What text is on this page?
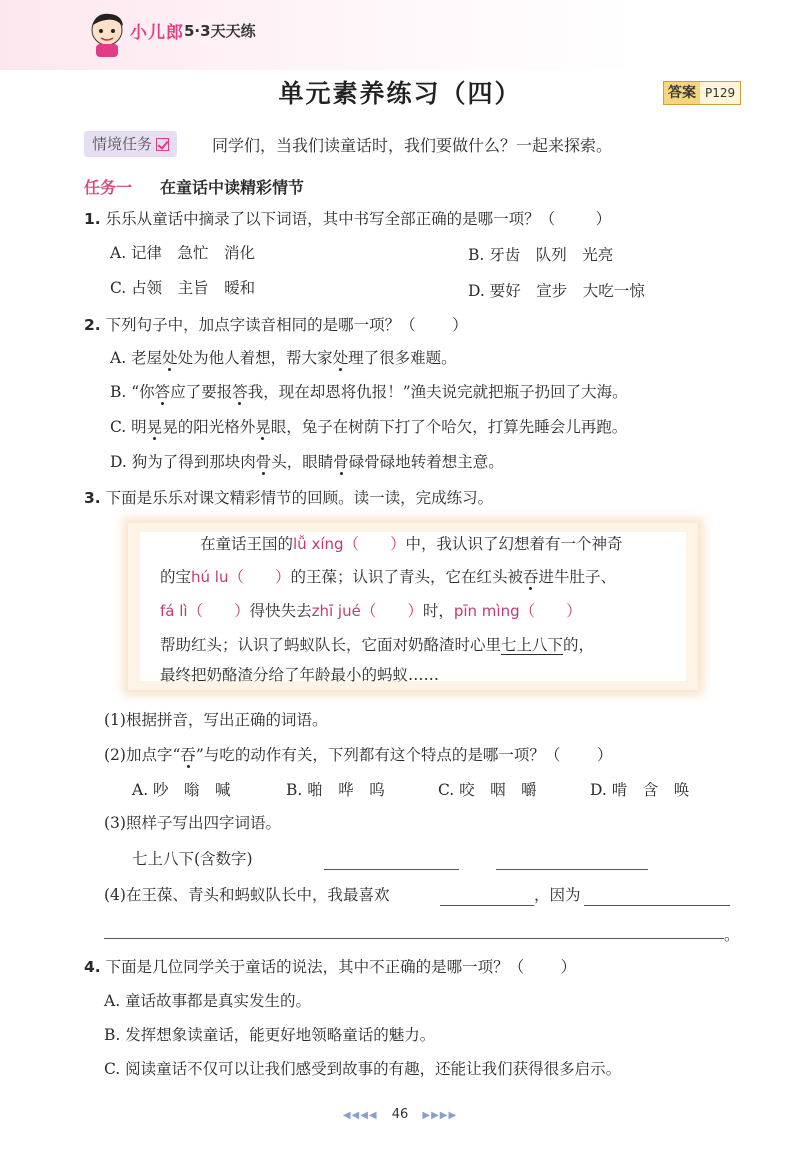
小儿郎 5·3天天练
单元素养练习（四）	答案 P129
情境任务	同学们，当我们读童话时，我们要做什么？一起来探索。
任务一 在童话中读精彩情节
1. 乐乐从童话中摘录了以下词语，其中书写全部正确的是哪一项？（	）
A. 记律　急忙　消化	B. 牙齿　队列　光亮
C. 占领　主旨　暧和	D. 要好　宣步　大吃一惊
2. 下列句子中，加点字读音相同的是哪一项？（ ）
A. 老屋处处为他人着想，帮大家处理了很多难题。
B. “你答应了要报答我，现在却恩将仇报！”渔夫说完就把瓶子扔回了大海。
C. 明晃晃的阳光格外晃眼，兔子在树荫下打了个哈欠，打算先睡会儿再跑。
D. 狗为了得到那块肉骨头，眼睛骨碌骨碌地转着想主意。
3. 下面是乐乐对课文精彩情节的回顾。读一读，完成练习。
在童话王国的lǚ xíng（　　 ）中，我认识了幻想着有一个神奇
的宝hú lu（　　 ）的王葆；认识了青头，它在红头被吞进牛肚子、
fá lì（　　 ）得快失去zhī jué（　　 ）时，pīn mìng（　　 ）
帮助红头；认识了蚂蚁队长，它面对奶酪渣时心里七上八下的，
最终把奶酪渣分给了年龄最小的蚂蚁……
(1)根据拼音，写出正确的词语。
(2)加点字“吞”与吃的动作有关，下列都有这个特点的是哪一项？（ ）
A. 吵　嗡　喊	B. 啪　哗　呜	C. 咬　咽　嚼	D. 啃　含　唤
(3)照样子写出四字词语。
七上八下(含数字)
(4)在王葆、青头和蚂蚁队长中，我最喜欢	，因为
。
4. 下面是几位同学关于童话的说法，其中不正确的是哪一项？（ ）
A. 童话故事都是真实发生的。
B. 发挥想象读童话，能更好地领略童话的魅力。
C. 阅读童话不仅可以让我们感受到故事的有趣，还能让我们获得很多启示。
◀◀◀◀ 46 ▶▶▶▶
